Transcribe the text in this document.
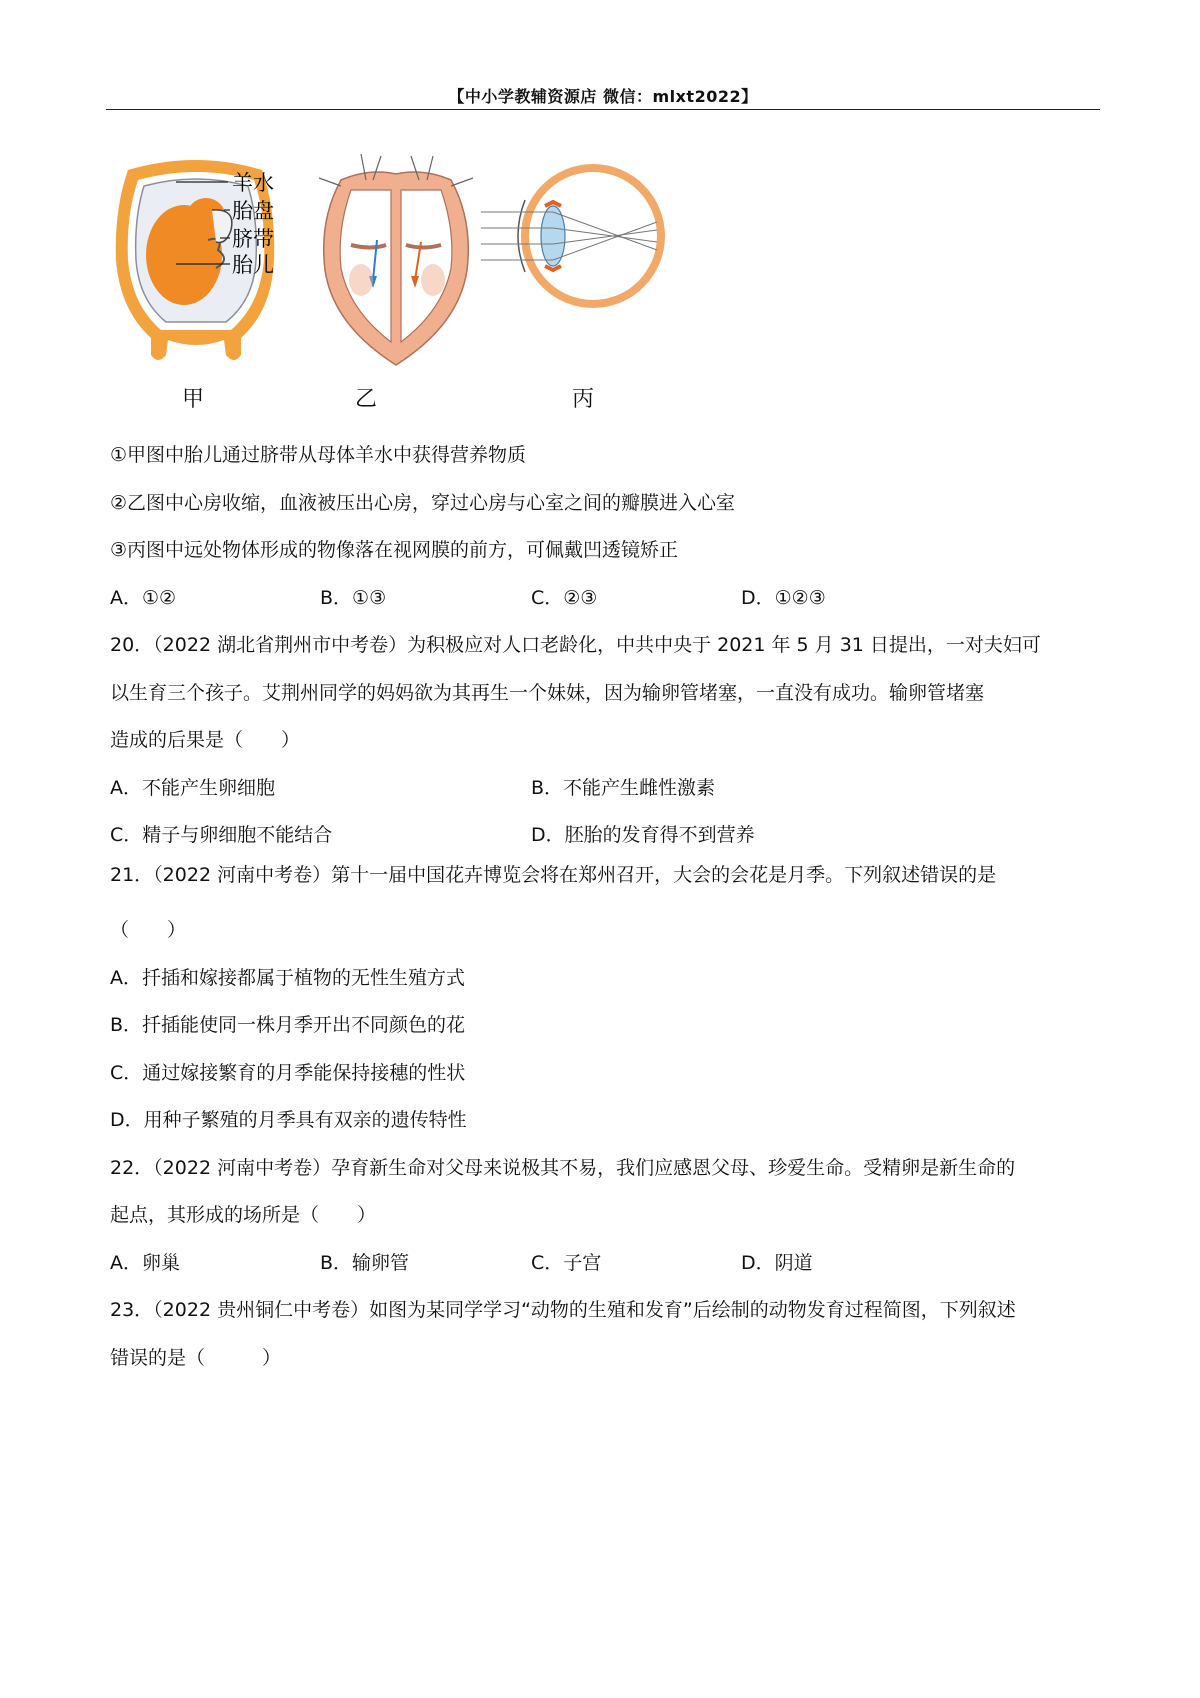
【中小学教辅资源店 微信：mlxt2022】
羊水
胎盘
脐带
胎儿
甲	乙	丙
①甲图中胎儿通过脐带从母体羊水中获得营养物质
②乙图中心房收缩，血液被压出心房，穿过心房与心室之间的瓣膜进入心室
③丙图中远处物体形成的物像落在视网膜的前方，可佩戴凹透镜矫正
A．①②	B．①③	C．②③	D．①②③
20．（2022 湖北省荆州市中考卷）为积极应对人口老龄化，中共中央于 2021 年 5 月 31 日提出，一对夫妇可
以生育三个孩子。艾荆州同学的妈妈欲为其再生一个妹妹，因为输卵管堵塞，一直没有成功。输卵管堵塞
造成的后果是（　　）
A．不能产生卵细胞	B．不能产生雌性激素
C．精子与卵细胞不能结合	D．胚胎的发育得不到营养
21．（2022 河南中考卷）第十一届中国花卉博览会将在郑州召开，大会的会花是月季。下列叙述错误的是
（　　）
A．扦插和嫁接都属于植物的无性生殖方式
B．扦插能使同一株月季开出不同颜色的花
C．通过嫁接繁育的月季能保持接穗的性状
D．用种子繁殖的月季具有双亲的遗传特性
22．（2022 河南中考卷）孕育新生命对父母来说极其不易，我们应感恩父母、珍爱生命。受精卵是新生命的
起点，其形成的场所是（　　）
A．卵巢	B．输卵管	C．子宫	D．阴道
23．（2022 贵州铜仁中考卷）如图为某同学学习“动物的生殖和发育”后绘制的动物发育过程简图，下列叙述
错误的是（　　　）
